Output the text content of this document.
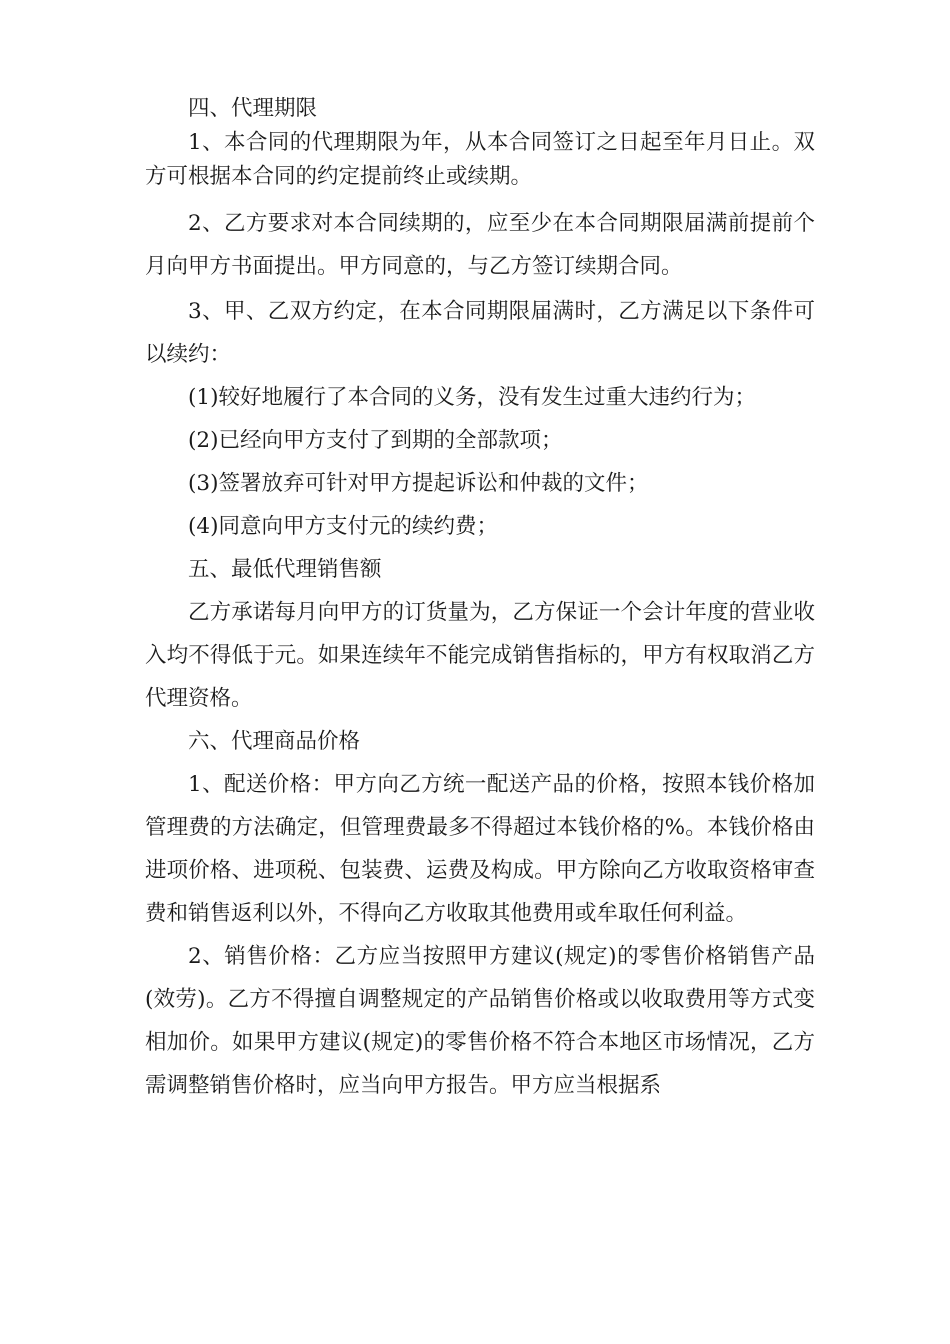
四、代理期限

1、本合同的代理期限为年，从本合同签订之日起至年月日止。双方可根据本合同的约定提前终止或续期。

2、乙方要求对本合同续期的，应至少在本合同期限届满前提前个月向甲方书面提出。甲方同意的，与乙方签订续期合同。

3、甲、乙双方约定，在本合同期限届满时，乙方满足以下条件可以续约：

(1)较好地履行了本合同的义务，没有发生过重大违约行为；

(2)已经向甲方支付了到期的全部款项；

(3)签署放弃可针对甲方提起诉讼和仲裁的文件；

(4)同意向甲方支付元的续约费；

五、最低代理销售额

乙方承诺每月向甲方的订货量为，乙方保证一个会计年度的营业收入均不得低于元。如果连续年不能完成销售指标的，甲方有权取消乙方代理资格。

六、代理商品价格

1、配送价格：甲方向乙方统一配送产品的价格，按照本钱价格加管理费的方法确定，但管理费最多不得超过本钱价格的%。本钱价格由进项价格、进项税、包装费、运费及构成。甲方除向乙方收取资格审查费和销售返利以外，不得向乙方收取其他费用或牟取任何利益。

2、销售价格：乙方应当按照甲方建议(规定)的零售价格销售产品(效劳)。乙方不得擅自调整规定的产品销售价格或以收取费用等方式变相加价。如果甲方建议(规定)的零售价格不符合本地区市场情况，乙方需调整销售价格时，应当向甲方报告。甲方应当根据系
